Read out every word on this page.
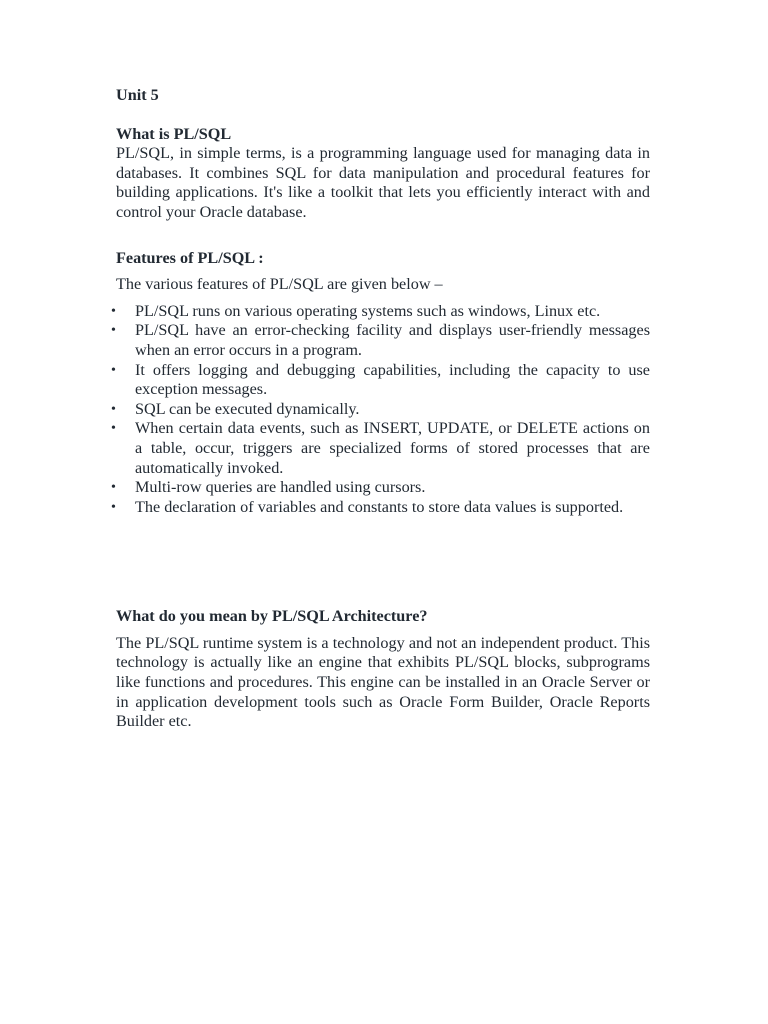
Unit 5

What is PL/SQL

PL/SQL, in simple terms, is a programming language used for managing data in databases. It combines SQL for data manipulation and procedural features for building applications. It's like a toolkit that lets you efficiently interact with and control your Oracle database.

Features of PL/SQL :

The various features of PL/SQL are given below –

• PL/SQL runs on various operating systems such as windows, Linux etc.
• PL/SQL have an error-checking facility and displays user-friendly messages when an error occurs in a program.
• It offers logging and debugging capabilities, including the capacity to use exception messages.
• SQL can be executed dynamically.
• When certain data events, such as INSERT, UPDATE, or DELETE actions on a table, occur, triggers are specialized forms of stored processes that are automatically invoked.
• Multi-row queries are handled using cursors.
• The declaration of variables and constants to store data values is supported.

What do you mean by PL/SQL Architecture?

The PL/SQL runtime system is a technology and not an independent product. This technology is actually like an engine that exhibits PL/SQL blocks, subprograms like functions and procedures. This engine can be installed in an Oracle Server or in application development tools such as Oracle Form Builder, Oracle Reports Builder etc.
